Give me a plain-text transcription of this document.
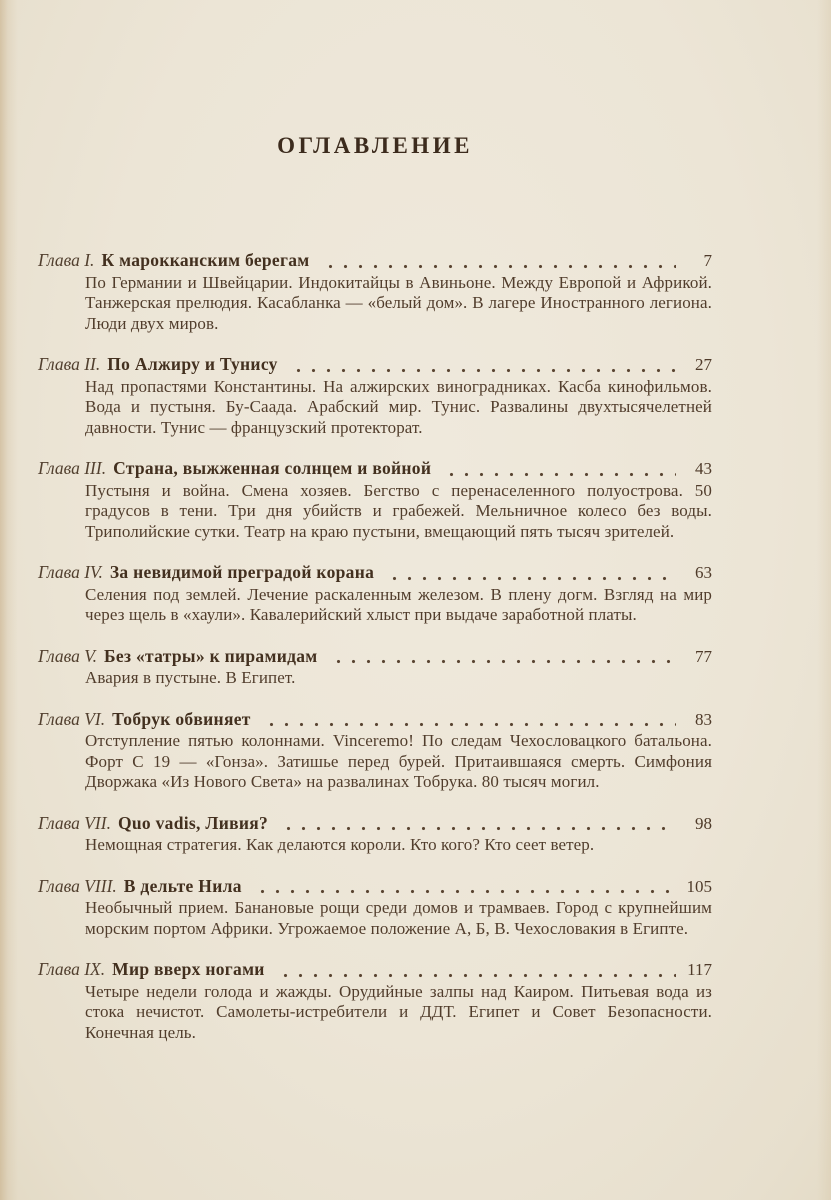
ОГЛАВЛЕНИЕ
Глава I. К марокканским берегам	7

По Германии и Швейцарии. Индокитайцы в Авиньоне. Между Европой и Африкой. Танжерская прелюдия. Касабланка — «белый дом». В лагере Иностранного легиона. Люди двух миров.

Глава II. По Алжиру и Тунису	27

Над пропастями Константины. На алжирских виноградниках. Касба кинофильмов. Вода и пустыня. Бу-Саада. Арабский мир. Тунис. Развалины двухтысячелетней давности. Тунис — французский протекторат.

Глава III. Страна, выжженная солнцем и войной	43

Пустыня и война. Смена хозяев. Бегство с перенаселенного полуострова. 50 градусов в тени. Три дня убийств и грабежей. Мельничное колесо без воды. Триполийские сутки. Театр на краю пустыни, вмещающий пять тысяч зрителей.

Глава IV. За невидимой преградой корана	63

Селения под землей. Лечение раскаленным железом. В плену догм. Взгляд на мир через щель в «хаули». Кавалерийский хлыст при выдаче заработной платы.

Глава V. Без «татры» к пирамидам	77

Авария в пустыне. В Египет.

Глава VI. Тобрук обвиняет	83

Отступление пятью колоннами. Vinceremo! По следам Чехословацкого батальона. Форт С 19 — «Гонза». Затишье перед бурей. Притаившаяся смерть. Симфония Дворжака «Из Нового Света» на развалинах Тобрука. 80 тысяч могил.

Глава VII. Quo vadis, Ливия?	98

Немощная стратегия. Как делаются короли. Кто кого? Кто сеет ветер.

Глава VIII. В дельте Нила	105

Необычный прием. Банановые рощи среди домов и трамваев. Город с крупнейшим морским портом Африки. Угрожаемое положение А, Б, В. Чехословакия в Египте.

Глава IX. Мир вверх ногами	117

Четыре недели голода и жажды. Орудийные залпы над Каиром. Питьевая вода из стока нечистот. Самолеты-истребители и ДДТ. Египет и Совет Безопасности. Конечная цель.
